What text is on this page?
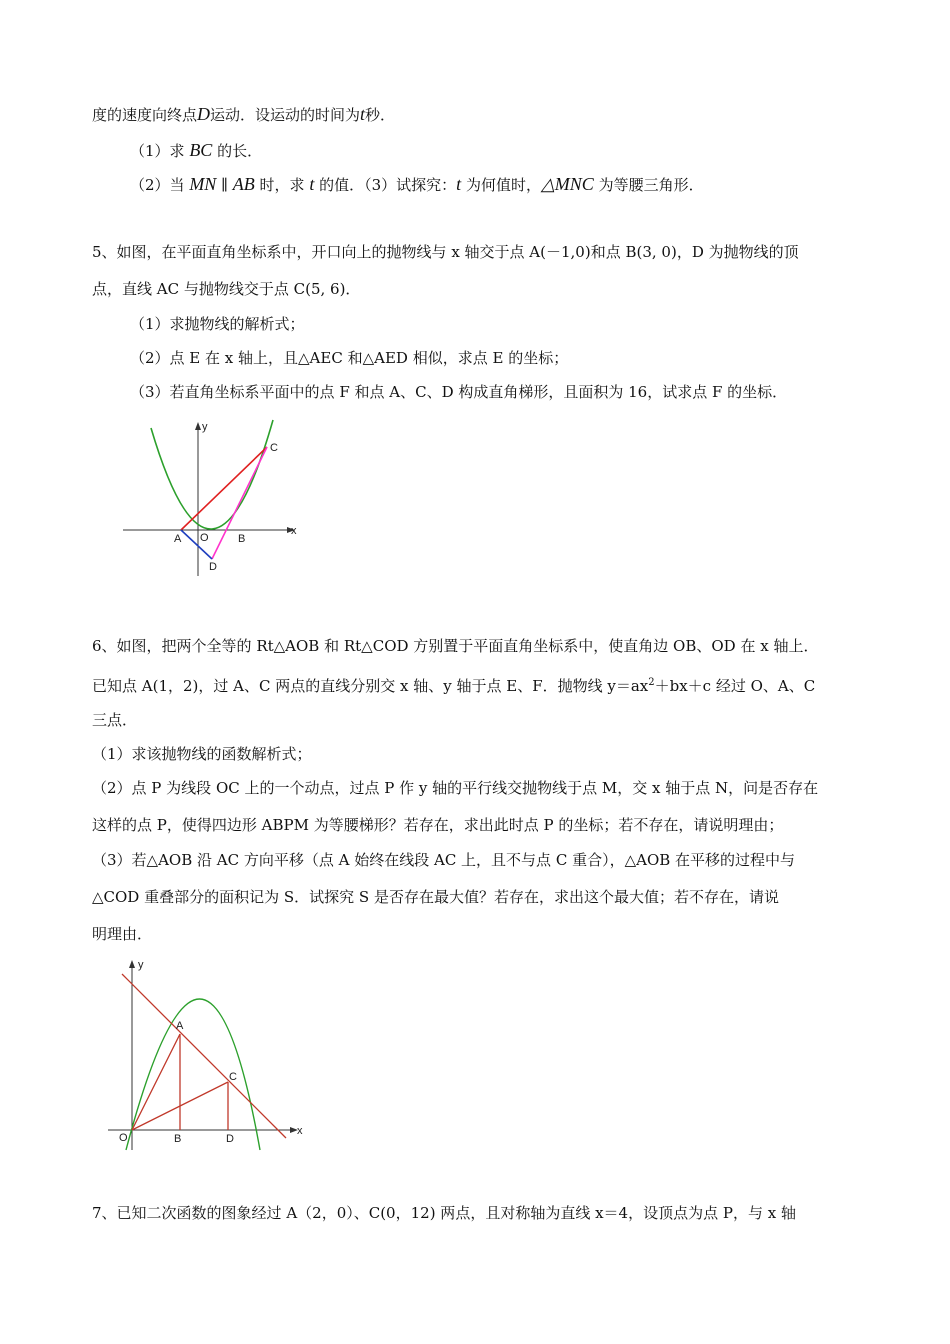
度的速度向终点D运动．设运动的时间为t秒．
（1）求 BC 的长．
（2）当 MN ∥ AB 时，求 t 的值．（3）试探究：t 为何值时，△MNC 为等腰三角形．
5、如图，在平面直角坐标系中，开口向上的抛物线与 x 轴交于点 A(－1,0)和点 B(3, 0)，D 为抛物线的顶
点，直线 AC 与抛物线交于点 C(5, 6)．
（1）求抛物线的解析式；
（2）点 E 在 x 轴上，且△AEC 和△AED 相似，求点 E 的坐标；
（3）若直角坐标系平面中的点 F 和点 A、C、D 构成直角梯形，且面积为 16，试求点 F 的坐标．
y
x
A O	B
C
D
6、如图，把两个全等的 Rt△AOB 和 Rt△COD 方别置于平面直角坐标系中，使直角边 OB、OD 在 x 轴上．
已知点 A(1，2)，过 A、C 两点的直线分别交 x 轴、y 轴于点 E、F．抛物线 $y=ax^2+bx+c$ 经过 O、A、C
三点．
（1）求该抛物线的函数解析式；
（2）点 P 为线段 OC 上的一个动点，过点 P 作 y 轴的平行线交抛物线于点 M，交 x 轴于点 N，问是否存在
这样的点 P，使得四边形 ABPM 为等腰梯形？若存在，求出此时点 P 的坐标；若不存在，请说明理由；
（3）若△AOB 沿 AC 方向平移（点 A 始终在线段 AC 上，且不与点 C 重合），△AOB 在平移的过程中与
△COD 重叠部分的面积记为 S．试探究 S 是否存在最大值？若存在，求出这个最大值；若不存在，请说
明理由．
y
x
A
C
O	B	D
7、已知二次函数的图象经过 A（2，0）、C(0，12) 两点，且对称轴为直线 x＝4，设顶点为点 P，与 x 轴
